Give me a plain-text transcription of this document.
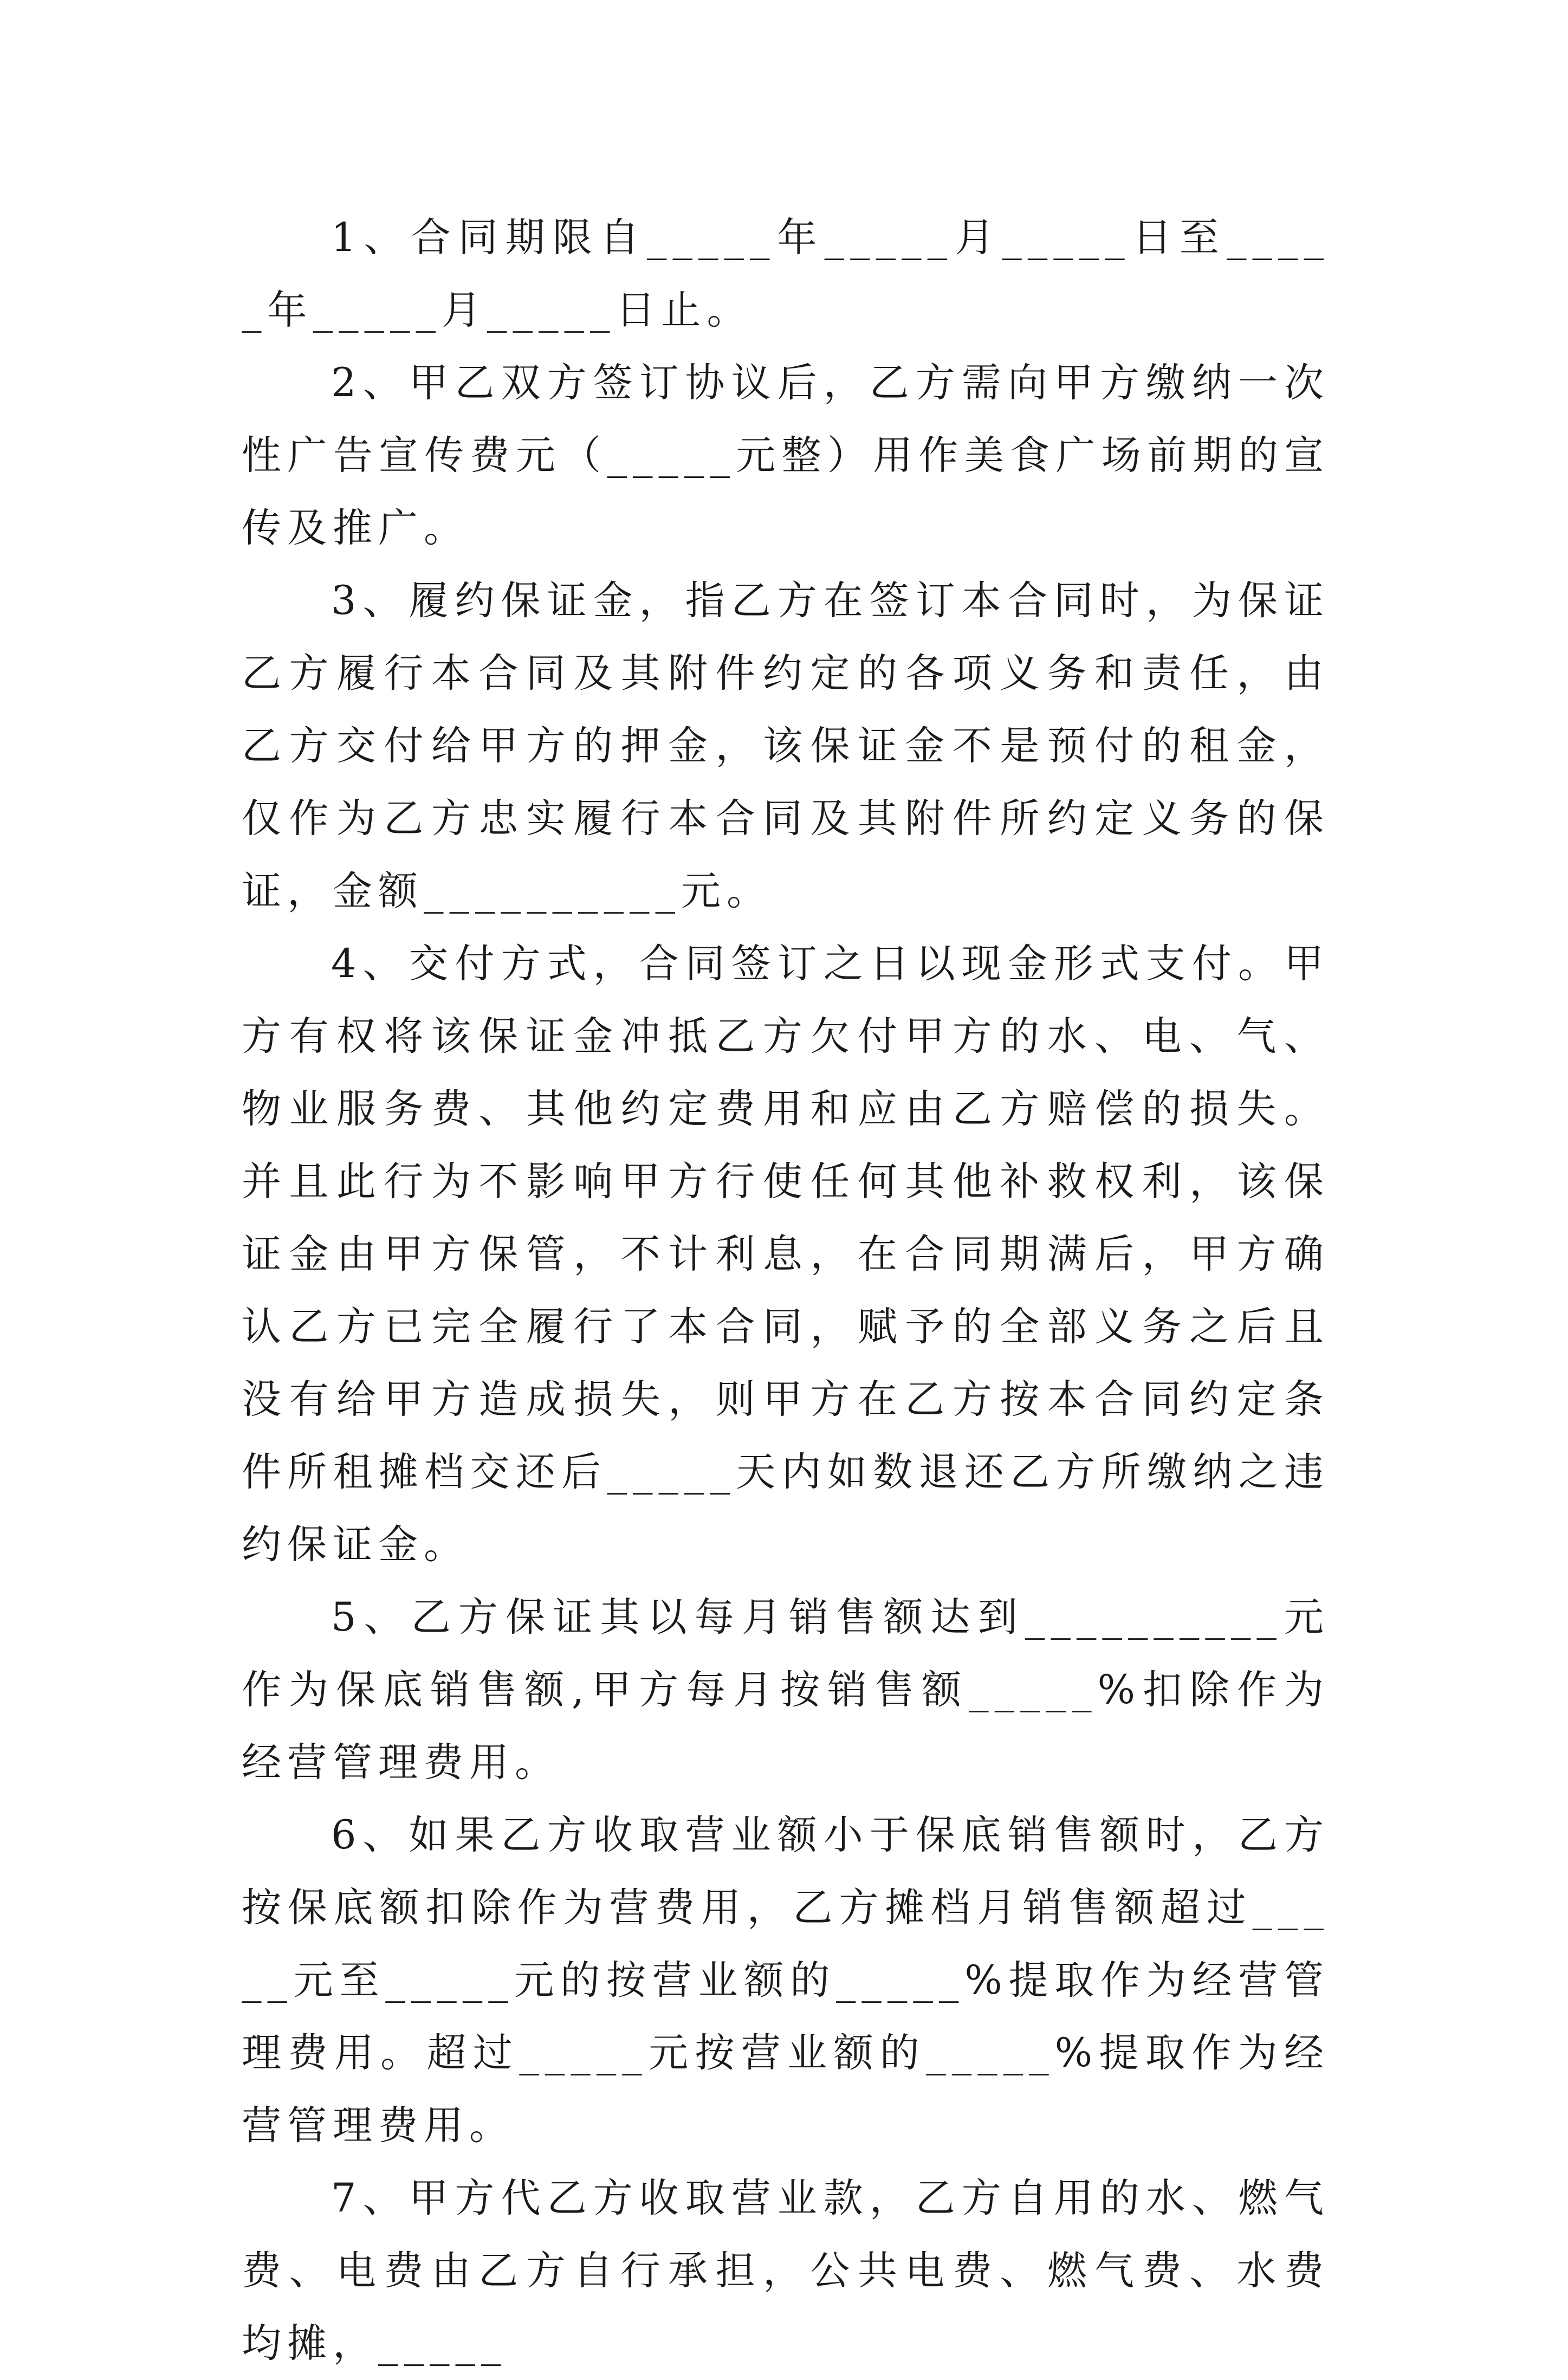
1、合同期限自_____年_____月_____日至_____年_____月_____日止。

2、甲乙双方签订协议后，乙方需向甲方缴纳一次性广告宣传费元（_____元整）用作美食广场前期的宣传及推广。

3、履约保证金，指乙方在签订本合同时，为保证乙方履行本合同及其附件约定的各项义务和责任，由乙方交付给甲方的押金，该保证金不是预付的租金，仅作为乙方忠实履行本合同及其附件所约定义务的保证，金额__________元。

4、交付方式，合同签订之日以现金形式支付。甲方有权将该保证金冲抵乙方欠付甲方的水、电、气、物业服务费、其他约定费用和应由乙方赔偿的损失。并且此行为不影响甲方行使任何其他补救权利，该保证金由甲方保管，不计利息，在合同期满后，甲方确认乙方已完全履行了本合同，赋予的全部义务之后且没有给甲方造成损失，则甲方在乙方按本合同约定条件所租摊档交还后_____天内如数退还乙方所缴纳之违约保证金。

5、乙方保证其以每月销售额达到__________元作为保底销售额,甲方每月按销售额_____%扣除作为经营管理费用。

6、如果乙方收取营业额小于保底销售额时，乙方按保底额扣除作为营费用，乙方摊档月销售额超过_____元至_____元的按营业额的_____%提取作为经营管理费用。超过_____元按营业额的_____%提取作为经营管理费用。

7、甲方代乙方收取营业款，乙方自用的水、燃气费、电费由乙方自行承担，公共电费、燃气费、水费均摊，_____
